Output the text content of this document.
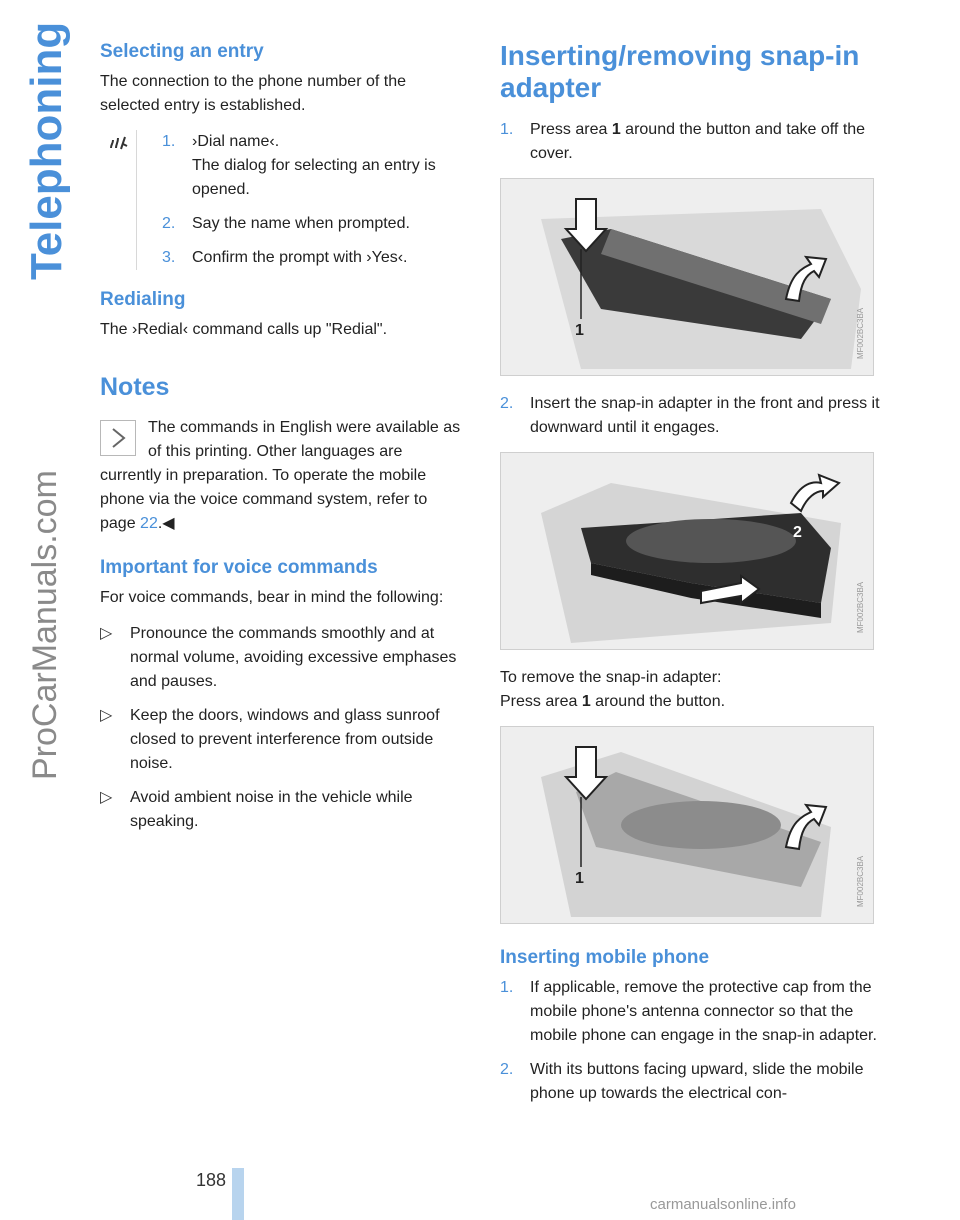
Telephoning
ProCarManuals.com
Selecting an entry

The connection to the phone number of the selected entry is established.

1.	›Dial name‹.
The dialog for selecting an entry is opened.
2.	Say the name when prompted.
3.	Confirm the prompt with ›Yes‹.
Redialing

The ›Redial‹ command calls up "Redial".

Notes

The commands in English were available as of this printing. Other languages are currently in preparation. To operate the mobile phone via the voice command system, refer to page 22.◀

Important for voice commands

For voice commands, bear in mind the following:

▷ Pronounce the commands smoothly and at normal volume, avoiding excessive emphases and pauses.
▷ Keep the doors, windows and glass sunroof closed to prevent interference from outside noise.
▷ Avoid ambient noise in the vehicle while speaking.
Inserting/removing snap-in adapter
1.	Press area 1 around the button and take off the cover.
1	MF002BC3BA
2.	Insert the snap-in adapter in the front and press it downward until it engages.
2
MF002BC3BA

To remove the snap-in adapter:
Press area 1 around the button.

1	MF002BC3BA
Inserting mobile phone
1.	If applicable, remove the protective cap from the mobile phone's antenna connector so that the mobile phone can engage in the snap-in adapter.
2.	With its buttons facing upward, slide the mobile phone up towards the electrical con-
188
carmanualsonline.info
